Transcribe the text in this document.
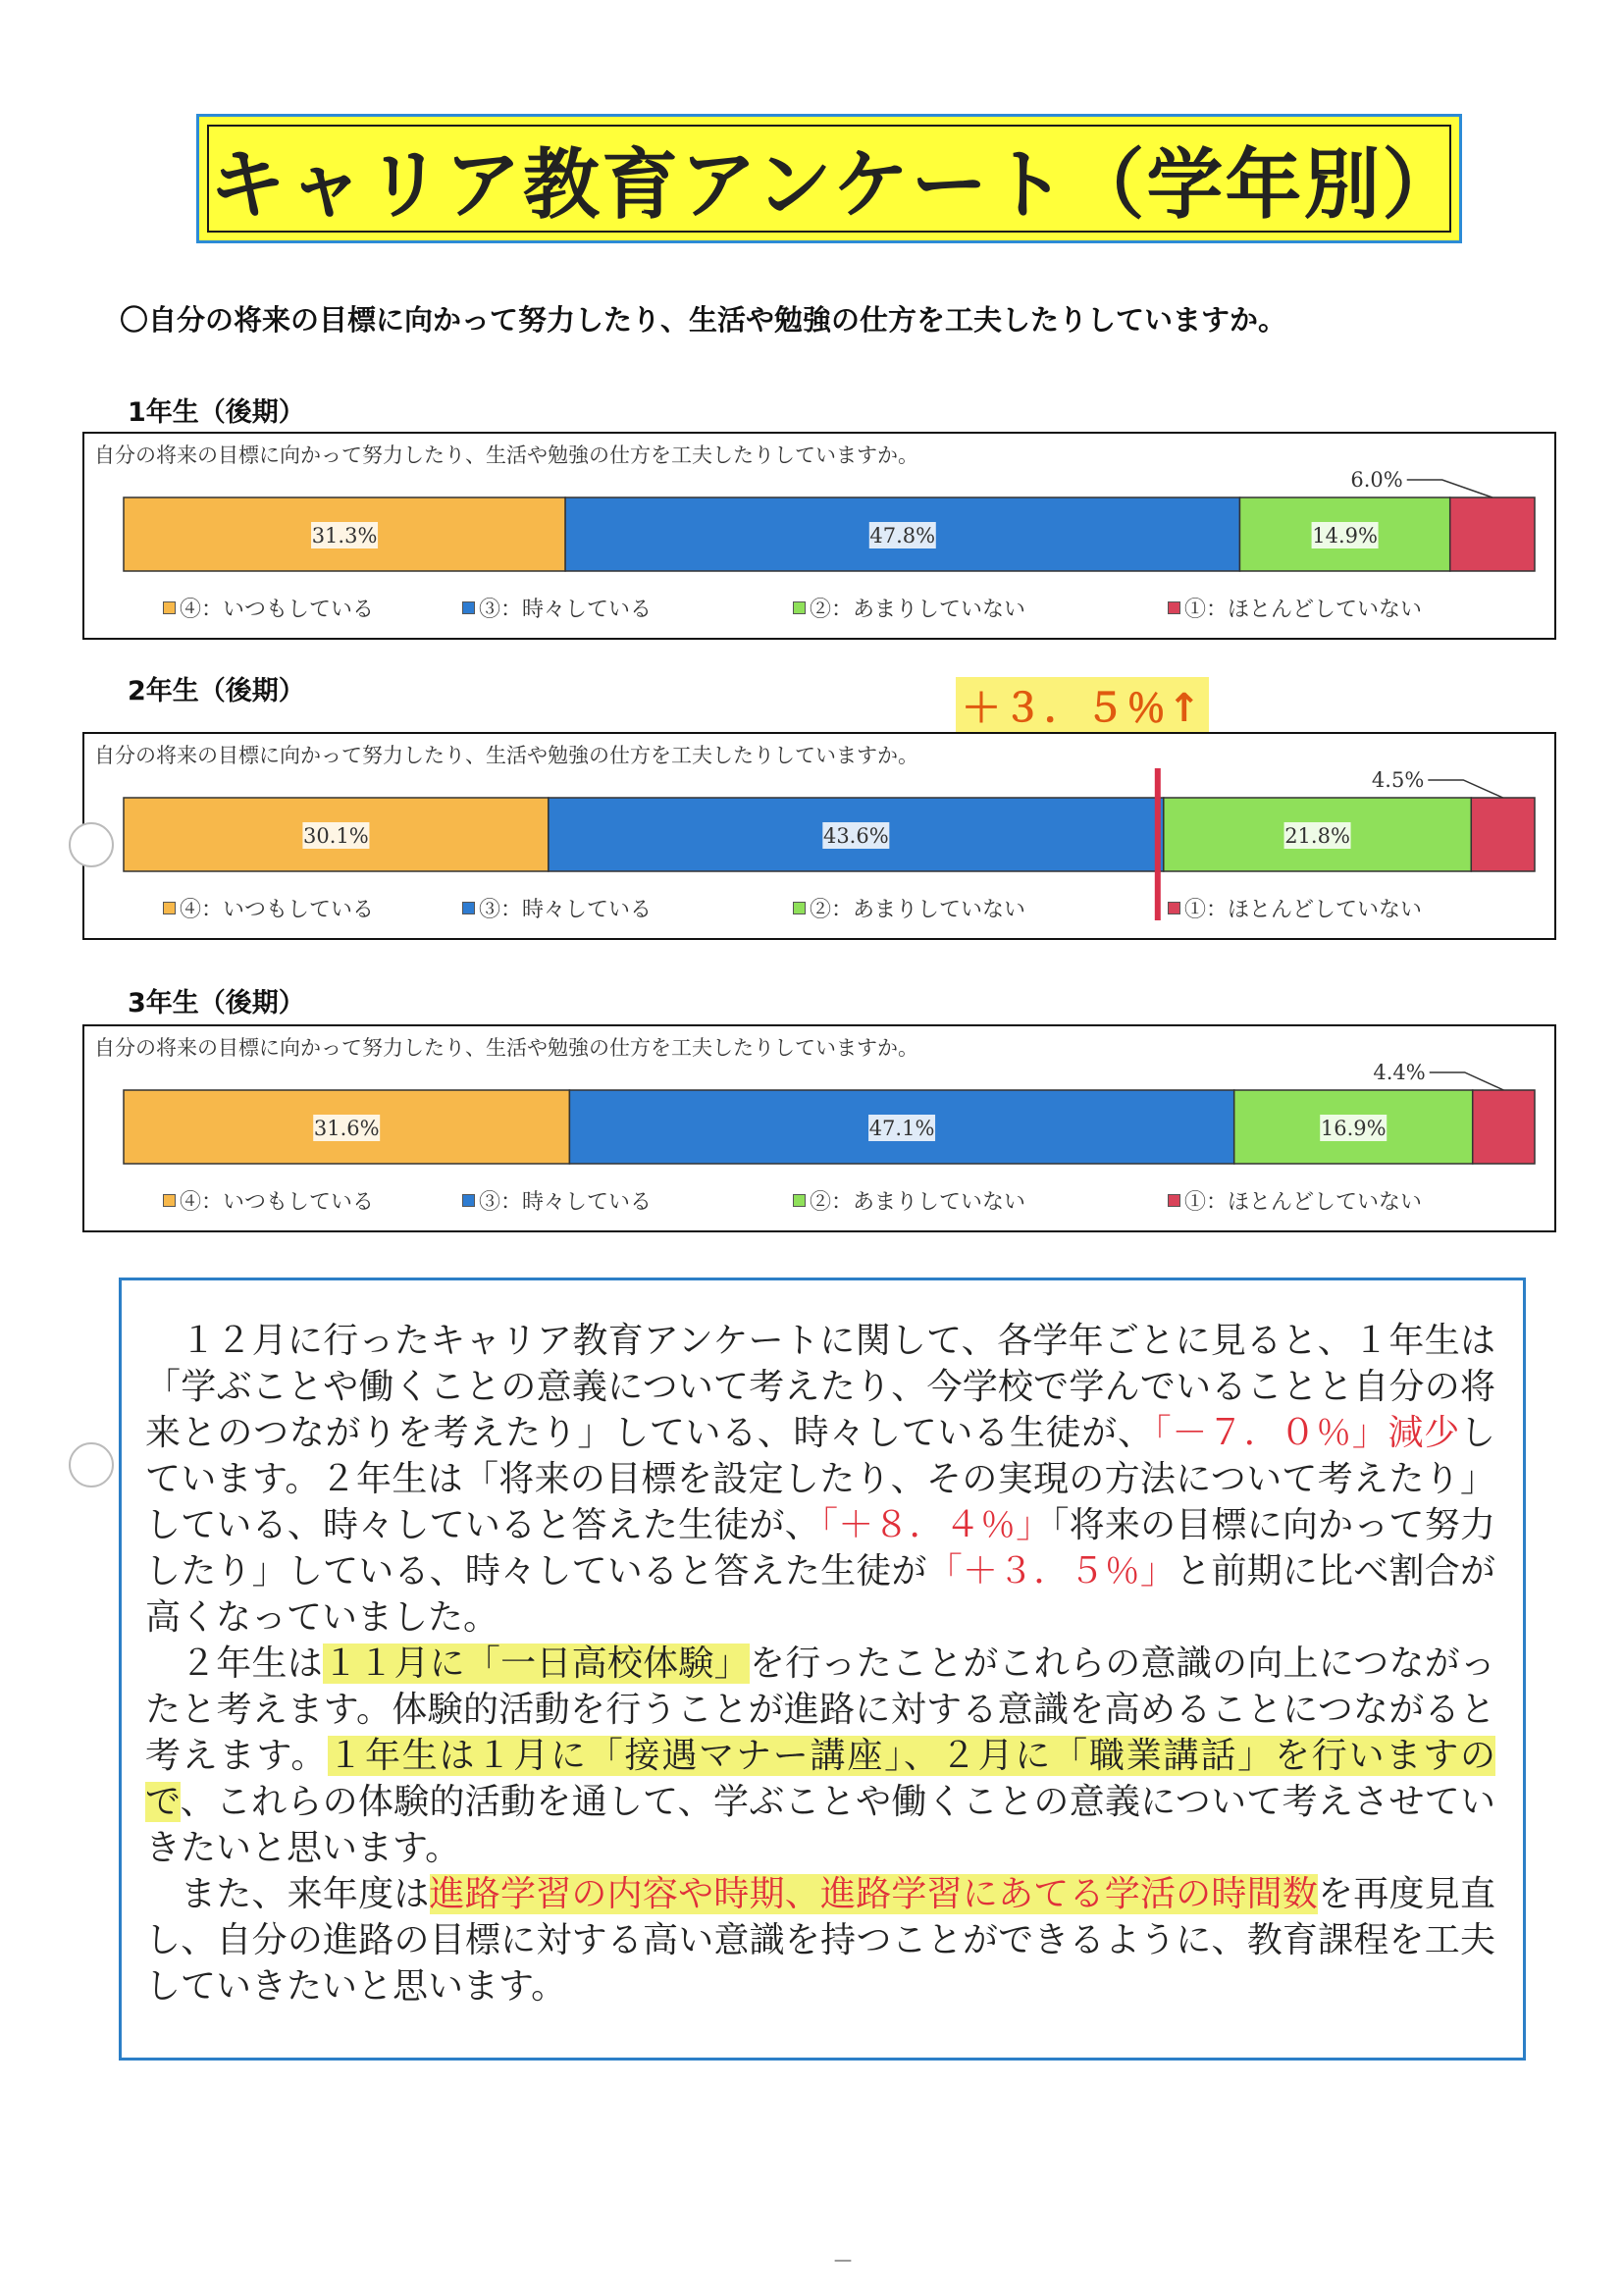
キャリア教育アンケート（学年別）
〇自分の将来の目標に向かって努力したり、生活や勉強の仕方を工夫したりしていますか。
1年生（後期）
自分の将来の目標に向かって努力したり、生活や勉強の仕方を工夫したりしていますか。
31.3%	47.8%	14.9%
6.0%
④：いつもしている	③：時々している	②：あまりしていない	①：ほとんどしていない
2年生（後期）	＋３．５％↑
自分の将来の目標に向かって努力したり、生活や勉強の仕方を工夫したりしていますか。
30.1%	43.6%	21.8%
4.5%
④：いつもしている	③：時々している	②：あまりしていない	①：ほとんどしていない
3年生（後期）
自分の将来の目標に向かって努力したり、生活や勉強の仕方を工夫したりしていますか。
31.6%	47.1%	16.9%
4.4%
④：いつもしている	③：時々している	②：あまりしていない	①：ほとんどしていない

１２月に行ったキャリア教育アンケートに関して、各学年ごとに見ると、１年生は「学ぶことや働くことの意義について考えたり、今学校で学んでいることと自分の将来とのつながりを考えたり」している、時々している生徒が、「－７．０％」減少しています。２年生は「将来の目標を設定したり、その実現の方法について考えたり」している、時々していると答えた生徒が、「＋８．４％」「将来の目標に向かって努力したり」している、時々していると答えた生徒が「＋３．５％」と前期に比べ割合が高くなっていました。

２年生は１１月に「一日高校体験」を行ったことがこれらの意識の向上につながったと考えます。体験的活動を行うことが進路に対する意識を高めることにつながると考えます。１年生は１月に「接遇マナー講座」、２月に「職業講話」を行いますので、これらの体験的活動を通して、学ぶことや働くことの意義について考えさせていきたいと思います。

また、来年度は進路学習の内容や時期、進路学習にあてる学活の時間数を再度見直し、自分の進路の目標に対する高い意識を持つことができるように、教育課程を工夫していきたいと思います。

－
